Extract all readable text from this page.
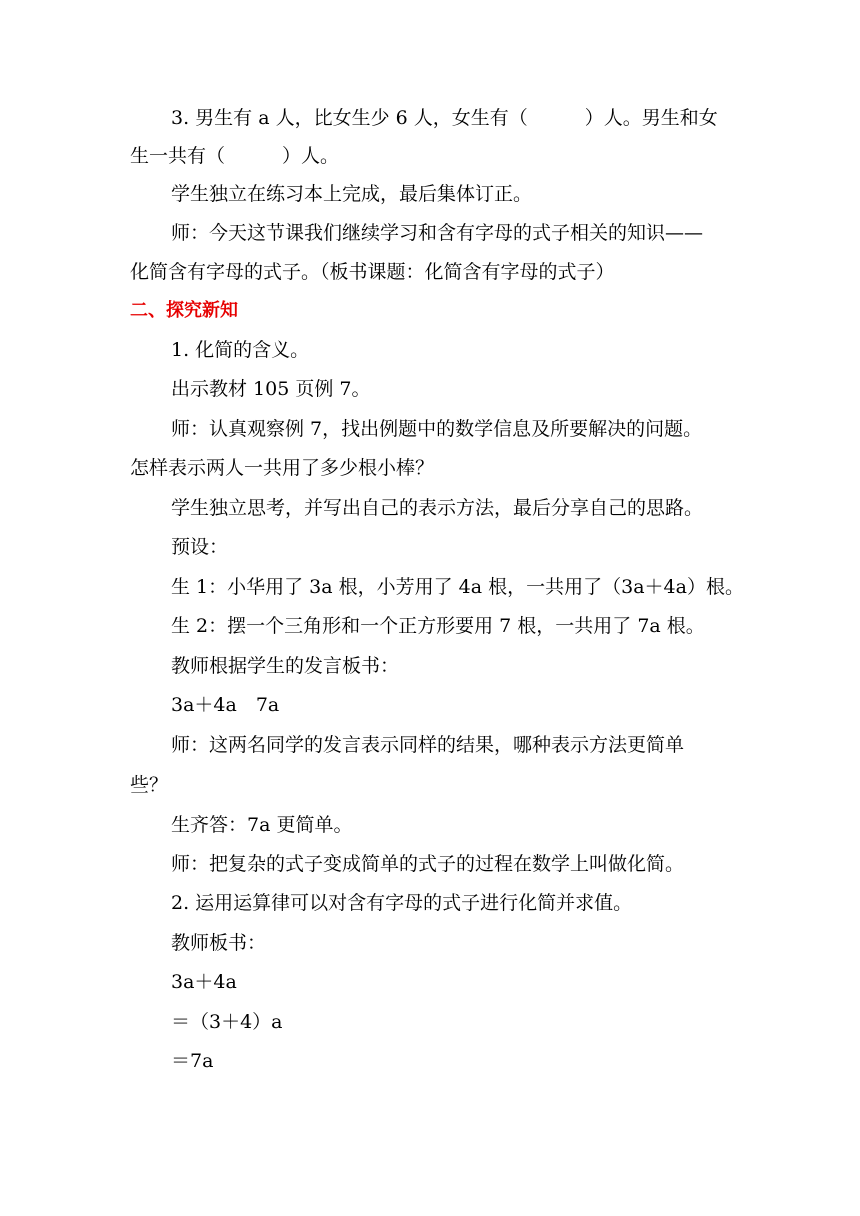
3. 男生有 a 人，比女生少 6 人，女生有（　　　）人。男生和女
生一共有（　　　）人。
学生独立在练习本上完成，最后集体订正。
师：今天这节课我们继续学习和含有字母的式子相关的知识——
化简含有字母的式子。（板书课题：化简含有字母的式子）
二、探究新知
1. 化简的含义。
出示教材 105 页例 7。
师：认真观察例 7，找出例题中的数学信息及所要解决的问题。
怎样表示两人一共用了多少根小棒？
学生独立思考，并写出自己的表示方法，最后分享自己的思路。
预设：
生 1：小华用了 3a 根，小芳用了 4a 根，一共用了（3a＋4a）根。
生 2：摆一个三角形和一个正方形要用 7 根，一共用了 7a 根。
教师根据学生的发言板书：
3a＋4a　7a
师：这两名同学的发言表示同样的结果，哪种表示方法更简单
些？
生齐答：7a 更简单。
师：把复杂的式子变成简单的式子的过程在数学上叫做化简。
2. 运用运算律可以对含有字母的式子进行化简并求值。
教师板书：
3a＋4a
＝（3＋4）a
＝7a
